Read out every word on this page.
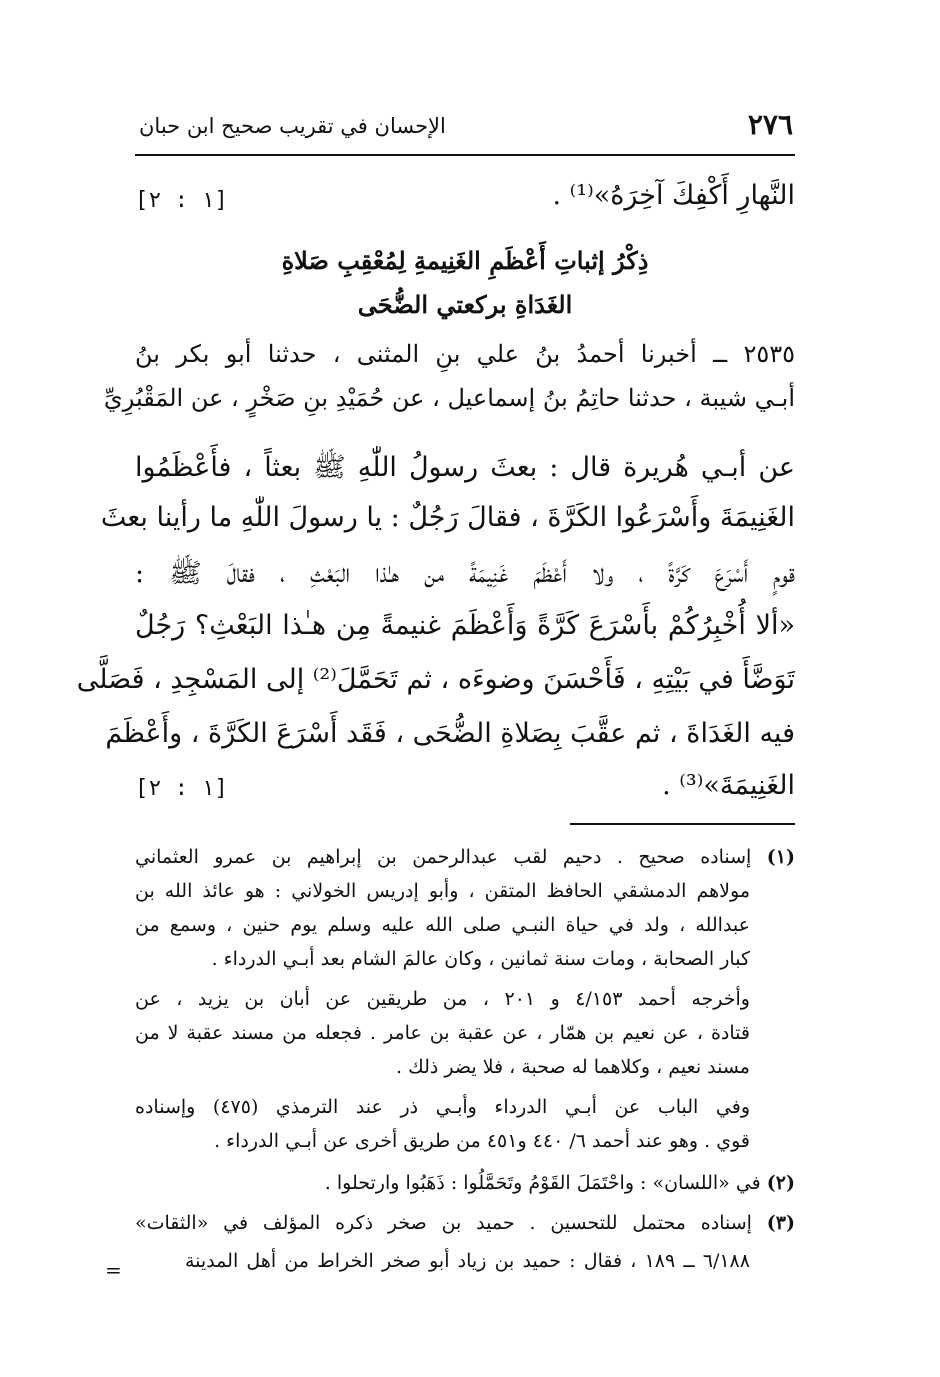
٢٧٦
الإحسان في تقريب صحيح ابن حبان
النَّهارِ أَكْفِكَ آخِرَهُ»⁽¹⁾ .
[١ : ٢]
ذِكْرُ إثباتِ أَعْظَمِ الغَنِيمةِ لِمُعْقِبِ صَلاةِ
الغَدَاةِ بركعتي الضُّحَى
٢٥٣٥ ــ أخبرنا أحمدُ بنُ علي بنِ المثنى ، حدثنا أبو بكر بنُ
أبـي شيبة ، حدثنا حاتِمُ بنُ إسماعيل ، عن حُمَيْدِ بنِ صَخْرٍ ، عن المَقْبُرِيِّ
عن أبـي هُريرة قال : بعثَ رسولُ اللّٰهِ ﷺ بعثاً ، فأَعْظَمُوا
الغَنِيمَةَ وأَسْرَعُوا الكَرَّةَ ، فقالَ رَجُلٌ : يا رسولَ اللّٰهِ ما رأينا بعثَ
قومٍ أَسْرَعَ كَرَّةً ، ولا أَعْظَمَ غَنِيمَةً من هـٰذا البَعْثِ ، فقالَ ﷺ :
«ألا أُخْبِرُكُمْ بأَسْرَعَ كَرَّةً وَأَعْظَمَ غنيمةً مِن هـٰذا البَعْثِ؟ رَجُلٌ
تَوَضَّأَ في بَيْتِهِ ، فَأَحْسَنَ وضوءَه ، ثم تَحَمَّلَ⁽²⁾ إلى المَسْجِدِ ، فَصَلَّى
فيه الغَدَاةَ ، ثم عقَّبَ بِصَلاةِ الضُّحَى ، فَقَد أَسْرَعَ الكَرَّةَ ، وأَعْظَمَ
الغَنِيمَةَ»⁽³⁾ .
[١ : ٢]
(١) إسناده صحيح . دحيم لقب عبدالرحمن بن إبراهيم بن عمرو العثماني
مولاهم الدمشقي الحافظ المتقن ، وأبو إدريس الخولاني : هو عائذ الله بن
عبدالله ، ولد في حياة النبـي صلى الله عليه وسلم يوم حنين ، وسمع من
كبار الصحابة ، ومات سنة ثمانين ، وكان عالمَ الشام بعد أبـي الدرداء .
وأخرجه أحمد ٤/١٥٣ و ٢٠١ ، من طريقين عن أبان بن يزيد ، عن
قتادة ، عن نعيم بن همّار ، عن عقبة بن عامر . فجعله من مسند عقبة لا من
مسند نعيم ، وكلاهما له صحبة ، فلا يضر ذلك .
وفي الباب عن أبـي الدرداء وأبـي ذر عند الترمذي (٤٧٥) وإسناده
قوي . وهو عند أحمد ٦/ ٤٤٠ و٤٥١ من طريق أخرى عن أبـي الدرداء .
(٢) في «اللسان» : واحْتَمَلَ القَوْمُ وتَحَمَّلُوا : ذَهَبُوا وارتحلوا .
(٣) إسناده محتمل للتحسين . حميد بن صخر ذكره المؤلف في «الثقات»
٦/١٨٨ ــ ١٨٩ ، فقال : حميد بن زياد أبو صخر الخراط من أهل المدينة
=
